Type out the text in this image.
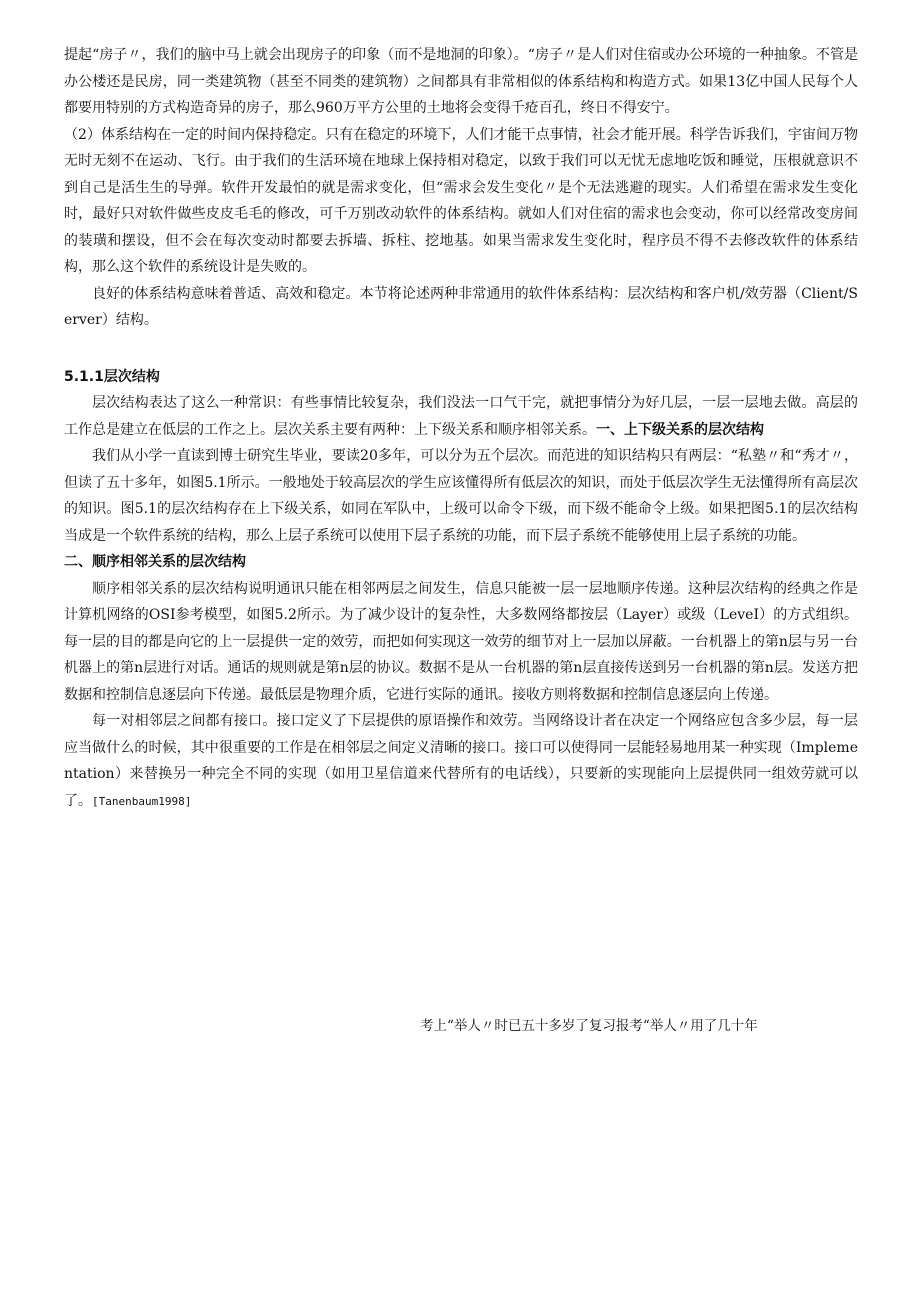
提起“房子〃，我们的脑中马上就会出现房子的印象（而不是地洞的印象）。“房子〃是人们对住宿或办公环境的一种抽象。不管是办公楼还是民房，同一类建筑物（甚至不同类的建筑物）之间都具有非常相似的体系结构和构造方式。如果13亿中国人民每个人都要用特别的方式构造奇异的房子，那么960万平方公里的土地将会变得千疮百孔，终日不得安宁。

（2）体系结构在一定的时间内保持稳定。只有在稳定的环境下，人们才能干点事情，社会才能开展。科学告诉我们，宇宙间万物无时无刻不在运动、飞行。由于我们的生活环境在地球上保持相对稳定，以致于我们可以无忧无虑地吃饭和睡觉，压根就意识不到自己是活生生的导弹。软件开发最怕的就是需求变化，但“需求会发生变化〃是个无法逃避的现实。人们希望在需求发生变化时，最好只对软件做些皮皮毛毛的修改，可千万别改动软件的体系结构。就如人们对住宿的需求也会变动，你可以经常改变房间的装璜和摆设，但不会在每次变动时都要去拆墙、拆柱、挖地基。如果当需求发生变化时，程序员不得不去修改软件的体系结构，那么这个软件的系统设计是失败的。

良好的体系结构意味着普适、高效和稳定。本节将论述两种非常通用的软件体系结构：层次结构和客户机/效劳器（Client/Server）结构。

5.1.1层次结构

层次结构表达了这么一种常识：有些事情比较复杂，我们没法一口气干完，就把事情分为好几层，一层一层地去做。高层的工作总是建立在低层的工作之上。层次关系主要有两种：上下级关系和顺序相邻关系。一、上下级关系的层次结构

我们从小学一直读到博士研究生毕业，要读20多年，可以分为五个层次。而范进的知识结构只有两层：“私塾〃和“秀才〃，但读了五十多年，如图5.1所示。一般地处于较高层次的学生应该懂得所有低层次的知识，而处于低层次学生无法懂得所有高层次的知识。图5.1的层次结构存在上下级关系，如同在军队中，上级可以命令下级，而下级不能命令上级。如果把图5.1的层次结构当成是一个软件系统的结构，那么上层子系统可以使用下层子系统的功能，而下层子系统不能够使用上层子系统的功能。

二、顺序相邻关系的层次结构

顺序相邻关系的层次结构说明通讯只能在相邻两层之间发生，信息只能被一层一层地顺序传递。这种层次结构的经典之作是计算机网络的OSI参考模型，如图5.2所示。为了减少设计的复杂性，大多数网络都按层（Layer）或级（LeveI）的方式组织。每一层的目的都是向它的上一层提供一定的效劳，而把如何实现这一效劳的细节对上一层加以屏蔽。一台机器上的第n层与另一台机器上的第n层进行对话。通话的规则就是第n层的协议。数据不是从一台机器的第n层直接传送到另一台机器的第n层。发送方把数据和控制信息逐层向下传递。最低层是物理介质，它进行实际的通讯。接收方则将数据和控制信息逐层向上传递。

每一对相邻层之间都有接口。接口定义了下层提供的原语操作和效劳。当网络设计者在决定一个网络应包含多少层，每一层应当做什么的时候，其中很重要的工作是在相邻层之间定义清晰的接口。接口可以使得同一层能轻易地用某一种实现（Implementation）来替换另一种完全不同的实现（如用卫星信道来代替所有的电话线），只要新的实现能向上层提供同一组效劳就可以了。[Tanenbaum1998]

考上“举人〃时已五十多岁了复习报考“举人〃用了几十年
